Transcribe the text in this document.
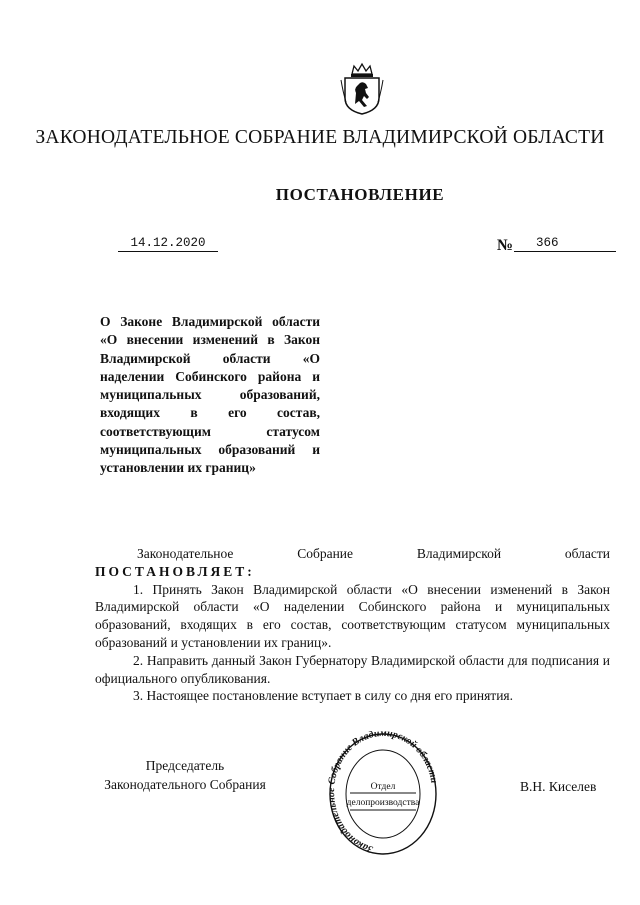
ЗАКОНОДАТЕЛЬНОЕ СОБРАНИЕ ВЛАДИМИРСКОЙ ОБЛАСТИ
ПОСТАНОВЛЕНИЕ
14.12.2020	№	366
О Законе Владимирской области «О внесении изменений в Закон Владимирской области «О наделении Собинского района и муниципальных образований, входящих в его состав, соответствующим статусом муниципальных образований и установлении их границ»

Законодательное Собрание Владимирской области

ПОСТАНОВЛЯЕТ:

1. Принять Закон Владимирской области «О внесении изменений в Закон Владимирской области «О наделении Собинского района и муниципальных образований, входящих в его состав, соответствующим статусом муниципальных образований и установлении их границ».

2. Направить данный Закон Губернатору Владимирской области для подписания и официального опубликования.

3. Настоящее постановление вступает в силу со дня его принятия.

Председатель
Законодательного Собрания
Законодатель обрание Владимирской област
Отдел
делопроизводства
В.Н. Киселев
